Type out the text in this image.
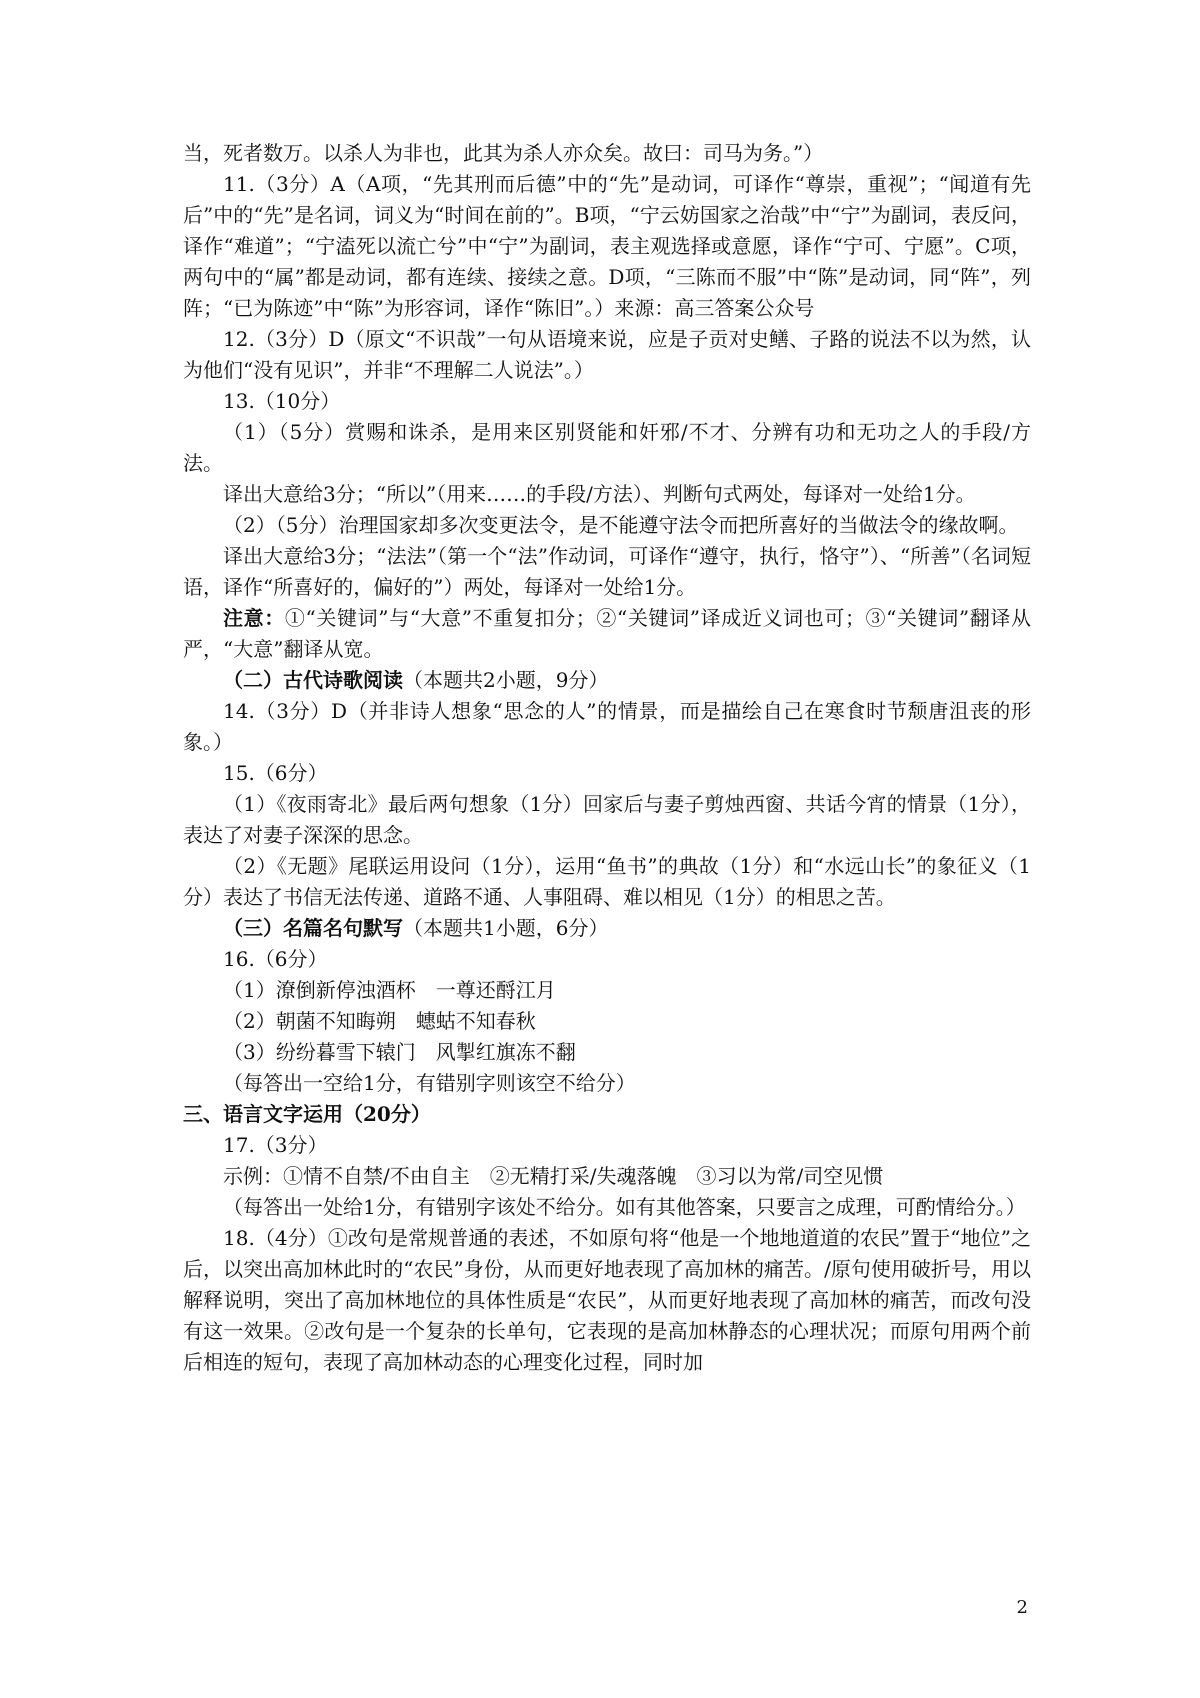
当，死者数万。以杀人为非也，此其为杀人亦众矣。故曰：司马为务。”）

11.（3分）A（A项，“先其刑而后德”中的“先”是动词，可译作“尊崇，重视”；“闻道有先后”中的“先”是名词，词义为“时间在前的”。B项，“宁云妨国家之治哉”中“宁”为副词，表反问，译作“难道”；“宁溘死以流亡兮”中“宁”为副词，表主观选择或意愿，译作“宁可、宁愿”。C项，两句中的“属”都是动词，都有连续、接续之意。D项，“三陈而不服”中“陈”是动词，同“阵”，列阵；“已为陈迹”中“陈”为形容词，译作“陈旧”。）来源：高三答案公众号

12.（3分）D（原文“不识哉”一句从语境来说，应是子贡对史鳝、子路的说法不以为然，认为他们“没有见识”，并非“不理解二人说法”。）

13.（10分）

（1）（5分）赏赐和诛杀，是用来区别贤能和奸邪/不才、分辨有功和无功之人的手段/方法。

译出大意给3分；“所以”（用来……的手段/方法）、判断句式两处，每译对一处给1分。

（2）（5分）治理国家却多次变更法令，是不能遵守法令而把所喜好的当做法令的缘故啊。

译出大意给3分；“法法”（第一个“法”作动词，可译作“遵守，执行，恪守”）、“所善”（名词短语，译作“所喜好的，偏好的”）两处，每译对一处给1分。

注意：①“关键词”与“大意”不重复扣分；②“关键词”译成近义词也可；③“关键词”翻译从严，“大意”翻译从宽。

（二）古代诗歌阅读（本题共2小题，9分）

14.（3分）D（并非诗人想象“思念的人”的情景，而是描绘自己在寒食时节颓唐沮丧的形象。）

15.（6分）

（1）《夜雨寄北》最后两句想象（1分）回家后与妻子剪烛西窗、共话今宵的情景（1分），表达了对妻子深深的思念。

（2）《无题》尾联运用设问（1分），运用“鱼书”的典故（1分）和“水远山长”的象征义（1分）表达了书信无法传递、道路不通、人事阻碍、难以相见（1分）的相思之苦。

（三）名篇名句默写（本题共1小题，6分）

16.（6分）

（1）潦倒新停浊酒杯　一尊还酹江月

（2）朝菌不知晦朔　蟪蛄不知春秋

（3）纷纷暮雪下辕门　风掣红旗冻不翻

（每答出一空给1分，有错别字则该空不给分）

三、语言文字运用（20分）

17.（3分）

示例：①情不自禁/不由自主　②无精打采/失魂落魄　③习以为常/司空见惯

（每答出一处给1分，有错别字该处不给分。如有其他答案，只要言之成理，可酌情给分。）

18.（4分）①改句是常规普通的表述，不如原句将“他是一个地地道道的农民”置于“地位”之后，以突出高加林此时的“农民”身份，从而更好地表现了高加林的痛苦。/原句使用破折号，用以解释说明，突出了高加林地位的具体性质是“农民”，从而更好地表现了高加林的痛苦，而改句没有这一效果。②改句是一个复杂的长单句，它表现的是高加林静态的心理状况；而原句用两个前后相连的短句，表现了高加林动态的心理变化过程，同时加

2
